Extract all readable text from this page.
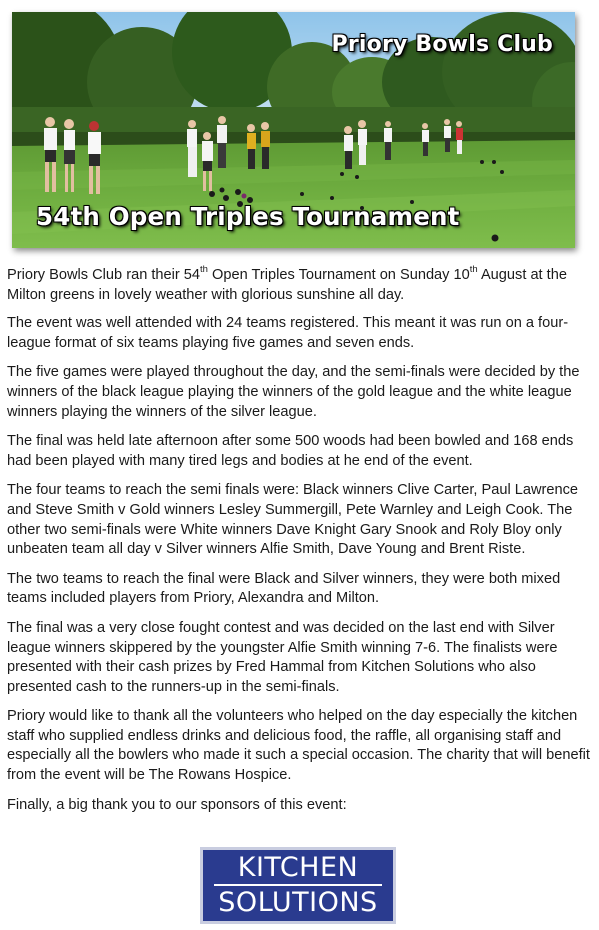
Priory Bowls Club
54th Open Triples Tournament

Priory Bowls Club ran their 54th Open Triples Tournament on Sunday 10th August at the Milton greens in lovely weather with glorious sunshine all day.

The event was well attended with 24 teams registered. This meant it was run on a four-league format of six teams playing five games and seven ends.

The five games were played throughout the day, and the semi-finals were decided by the winners of the black league playing the winners of the gold league and the white league winners playing the winners of the silver league.

The final was held late afternoon after some 500 woods had been bowled and 168 ends had been played with many tired legs and bodies at he end of the event.

The four teams to reach the semi finals were: Black winners Clive Carter, Paul Lawrence and Steve Smith v Gold winners Lesley Summergill, Pete Warnley and Leigh Cook. The other two semi-finals were White winners Dave Knight Gary Snook and Roly Bloy only unbeaten team all day v Silver winners Alfie Smith, Dave Young and Brent Riste.

The two teams to reach the final were Black and Silver winners, they were both mixed teams included players from Priory, Alexandra and Milton.

The final was a very close fought contest and was decided on the last end with Silver league winners skippered by the youngster Alfie Smith winning 7-6. The finalists were presented with their cash prizes by Fred Hammal from Kitchen Solutions who also presented cash to the runners-up in the semi-finals.

Priory would like to thank all the volunteers who helped on the day especially the kitchen staff who supplied endless drinks and delicious food, the raffle, all organising staff and especially all the bowlers who made it such a special occasion. The charity that will benefit from the event will be The Rowans Hospice.

Finally, a big thank you to our sponsors of this event:

KITCHEN
SOLUTIONS
